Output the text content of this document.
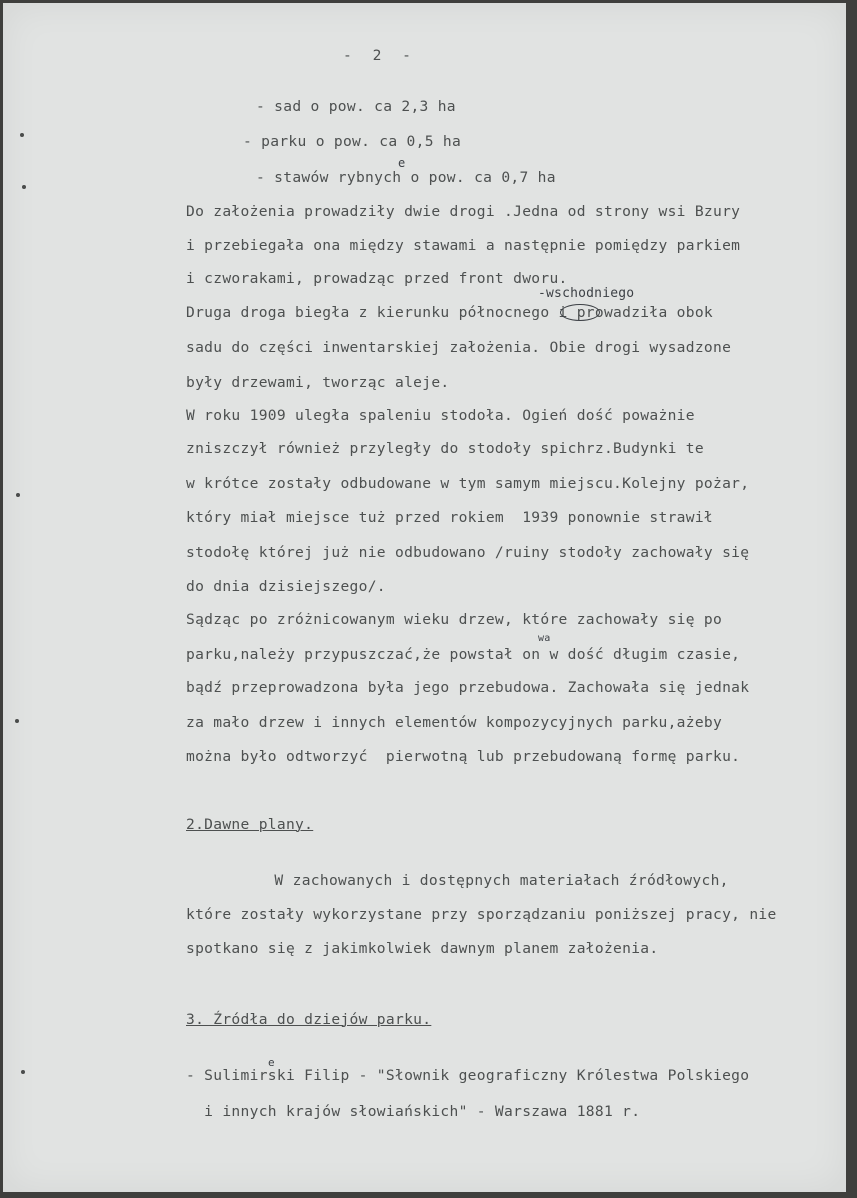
- 2 -
- sad o pow. ca 2,3 ha
- parku o pow. ca 0,5 ha
- stawów rybnych o pow. ca 0,7 ha
Do założenia prowadziły dwie drogi .Jedna od strony wsi Bzury
i przebiegała ona między stawami a następnie pomiędzy parkiem
i czworakami, prowadząc przed front dworu.
Druga droga biegła z kierunku północnego i prowadziła obok
sadu do części inwentarskiej założenia. Obie drogi wysadzone
były drzewami, tworząc aleje.
W roku 1909 uległa spaleniu stodoła. Ogień dość poważnie
zniszczył również przyległy do stodoły spichrz.Budynki te
w krótce zostały odbudowane w tym samym miejscu.Kolejny pożar,
który miał miejsce tuż przed rokiem  1939 ponownie strawił
stodołę której już nie odbudowano /ruiny stodoły zachowały się
do dnia dzisiejszego/.
Sądząc po zróżnicowanym wieku drzew, które zachowały się po
parku,należy przypuszczać,że powstał on w dość długim czasie,
bądź przeprowadzona była jego przebudowa. Zachowała się jednak
za mało drzew i innych elementów kompozycyjnych parku,ażeby
można było odtworzyć  pierwotną lub przebudowaną formę parku.
2.Dawne plany.
W zachowanych i dostępnych materiałach źródłowych,
które zostały wykorzystane przy sporządzaniu poniższej pracy, nie
spotkano się z jakimkolwiek dawnym planem założenia.
3. Źródła do dziejów parku.
- Sulimirski Filip - "Słownik geograficzny Królestwa Polskiego
i innych krajów słowiańskich" - Warszawa 1881 r.
e
-wschodniego
wa
e
